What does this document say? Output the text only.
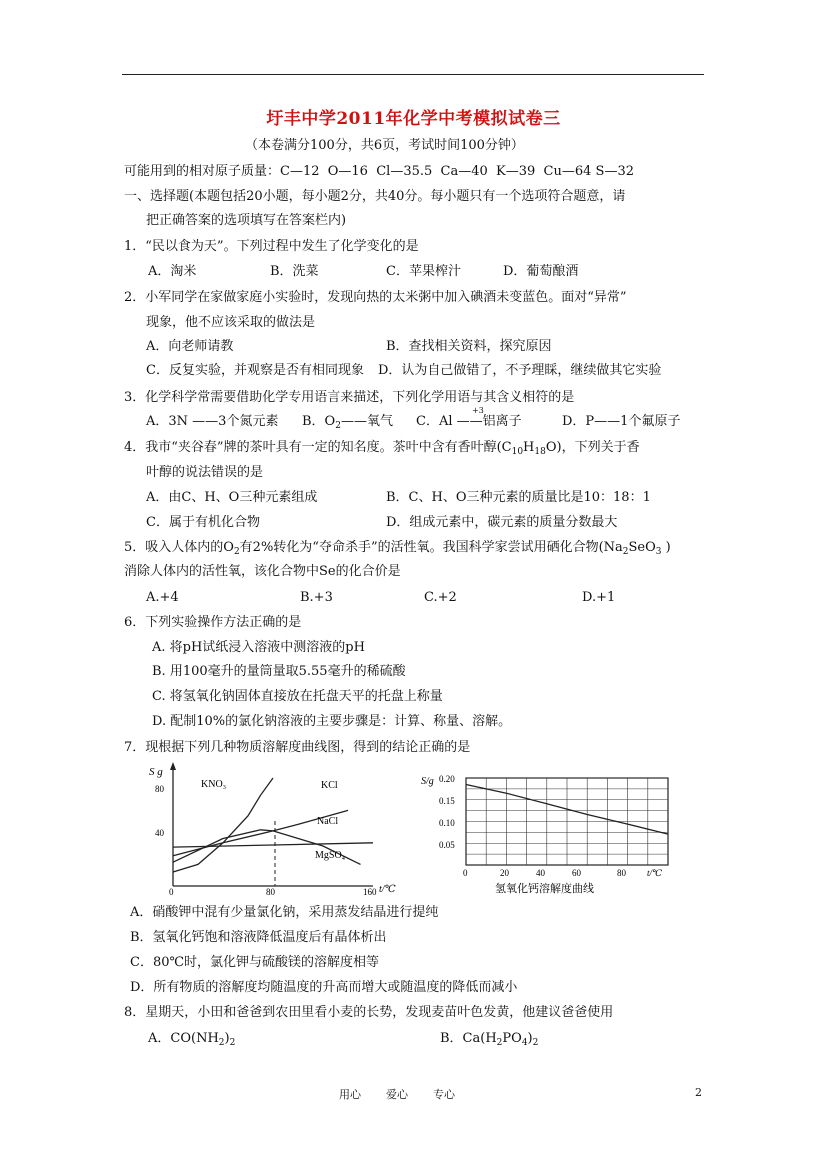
圩丰中学2011年化学中考模拟试卷三
（本卷满分100分，共6页，考试时间100分钟）
可能用到的相对原子质量：C—12  O—16  Cl—35.5  Ca—40  K—39  Cu—64 S—32
一、选择题(本题包括20小题，每小题2分，共40分。每小题只有一个选项符合题意，请
把正确答案的选项填写在答案栏内)
1．“民以食为天”。下列过程中发生了化学变化的是
A．淘米	B．洗菜	C．苹果榨汁	D．葡萄酿酒
2．小军同学在家做家庭小实验时，发现向热的太米粥中加入碘酒未变蓝色。面对“异常”
现象，他不应该采取的做法是
A．向老师请教	B．查找相关资料，探究原因
C．反复实验，并观察是否有相同现象 D．认为自己做错了，不予理睬，继续做其它实验
3．化学科学常需要借助化学专用语言来描述，下列化学用语与其含义相符的是
A．3N ——3个氮元素 B．$O_2——$氧气 C．Al ——铝离子
+3
D．P——1个氟原子
4．我市“夹谷春”牌的茶叶具有一定的知名度。茶叶中含有香叶醇$(C_{10}H_{18}O)$，下列关于香
叶醇的说法错误的是
A．由C、H、O三种元素组成	B．C、H、O三种元素的质量比是10：18：1
C．属于有机化合物	D．组成元素中，碳元素的质量分数最大
5．吸入人体内的$O_2$有2%转化为“夺命杀手”的活性氧。我国科学家尝试用硒化合物($Na_2SeO_3$ )
消除人体内的活性氧，该化合物中Se的化合价是
A.+4	B.+3	C.+2	D.+1
6．下列实验操作方法正确的是
A. 将pH试纸浸入溶液中测溶液的pH
B. 用100毫升的量筒量取5.55毫升的稀硫酸
C. 将氢氧化钠固体直接放在托盘天平的托盘上称量
D. 配制10%的氯化钠溶液的主要步骤是：计算、称量、溶解。
7．现根据下列几种物质溶解度曲线图，得到的结论正确的是
S g
t/℃
80
40
0	80	160
KNO₃	KCl
NaCl
MgSO₄
S/g 0.20
0.15
0.10
0.05
0	20	40	60	80 t/℃
氢氧化钙溶解度曲线
A．硝酸钾中混有少量氯化钠，采用蒸发结晶进行提纯
B．氢氧化钙饱和溶液降低温度后有晶体析出
C．80℃时，氯化钾与硫酸镁的溶解度相等
D．所有物质的溶解度均随温度的升高而增大或随温度的降低而减小
8．星期天，小田和爸爸到农田里看小麦的长势，发现麦苗叶色发黄，他建议爸爸使用
A．$CO(NH_2)_2$	B．$Ca(H_2PO_4)_2$
用心 爱心 专心	2
